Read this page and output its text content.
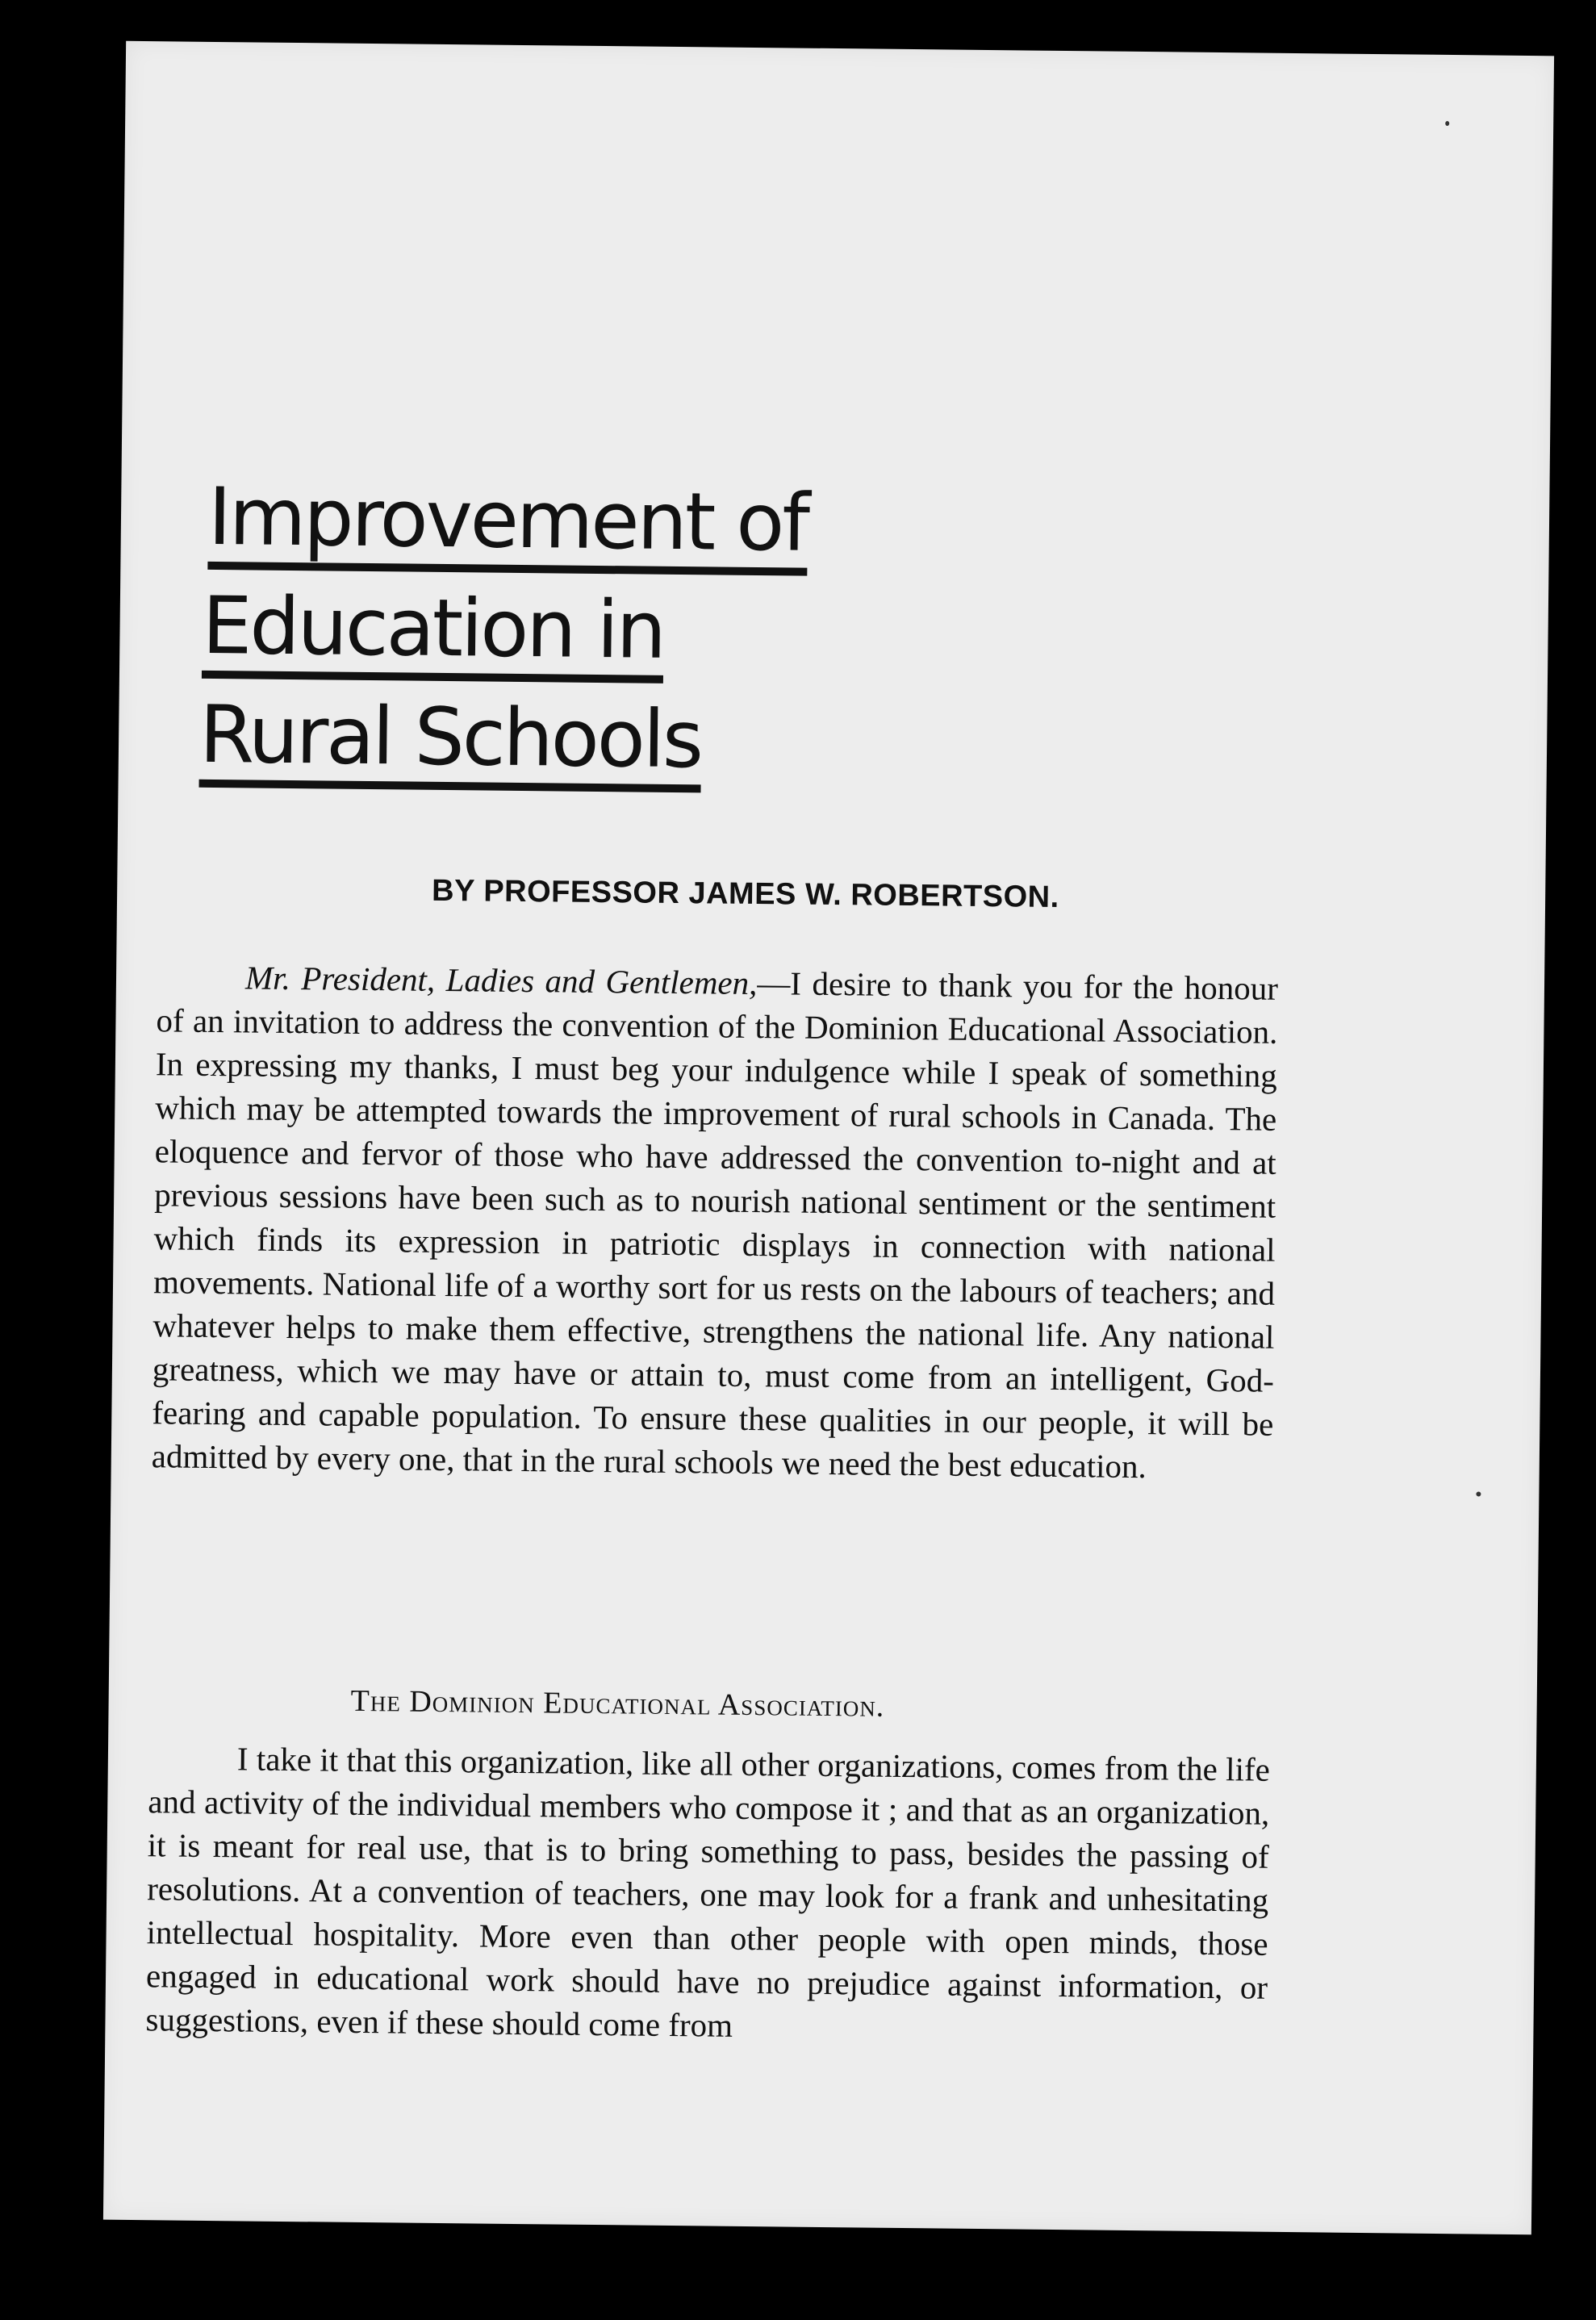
Improvement of
Education in
Rural Schools
BY PROFESSOR JAMES W. ROBERTSON.

Mr. President, Ladies and Gentlemen,—I desire to thank you for the honour of an invitation to address the convention of the Dominion Educational Association. In expressing my thanks, I must beg your indulgence while I speak of something which may be attempted towards the improvement of rural schools in Canada. The eloquence and fervor of those who have addressed the convention to-night and at previous sessions have been such as to nourish national sentiment or the sentiment which finds its expression in patriotic displays in connection with national movements. National life of a worthy sort for us rests on the labours of teachers; and whatever helps to make them effective, strengthens the national life. Any national greatness, which we may have or attain to, must come from an intelligent, God-fearing and capable population. To ensure these qualities in our people, it will be admitted by every one, that in the rural schools we need the best education.

The Dominion Educational Association.

I take it that this organization, like all other organizations, comes from the life and activity of the individual members who compose it ; and that as an organization, it is meant for real use, that is to bring something to pass, besides the passing of resolutions. At a convention of teachers, one may look for a frank and unhesitating intellectual hospitality. More even than other people with open minds, those engaged in educational work should have no prejudice against information, or suggestions, even if these should come from
